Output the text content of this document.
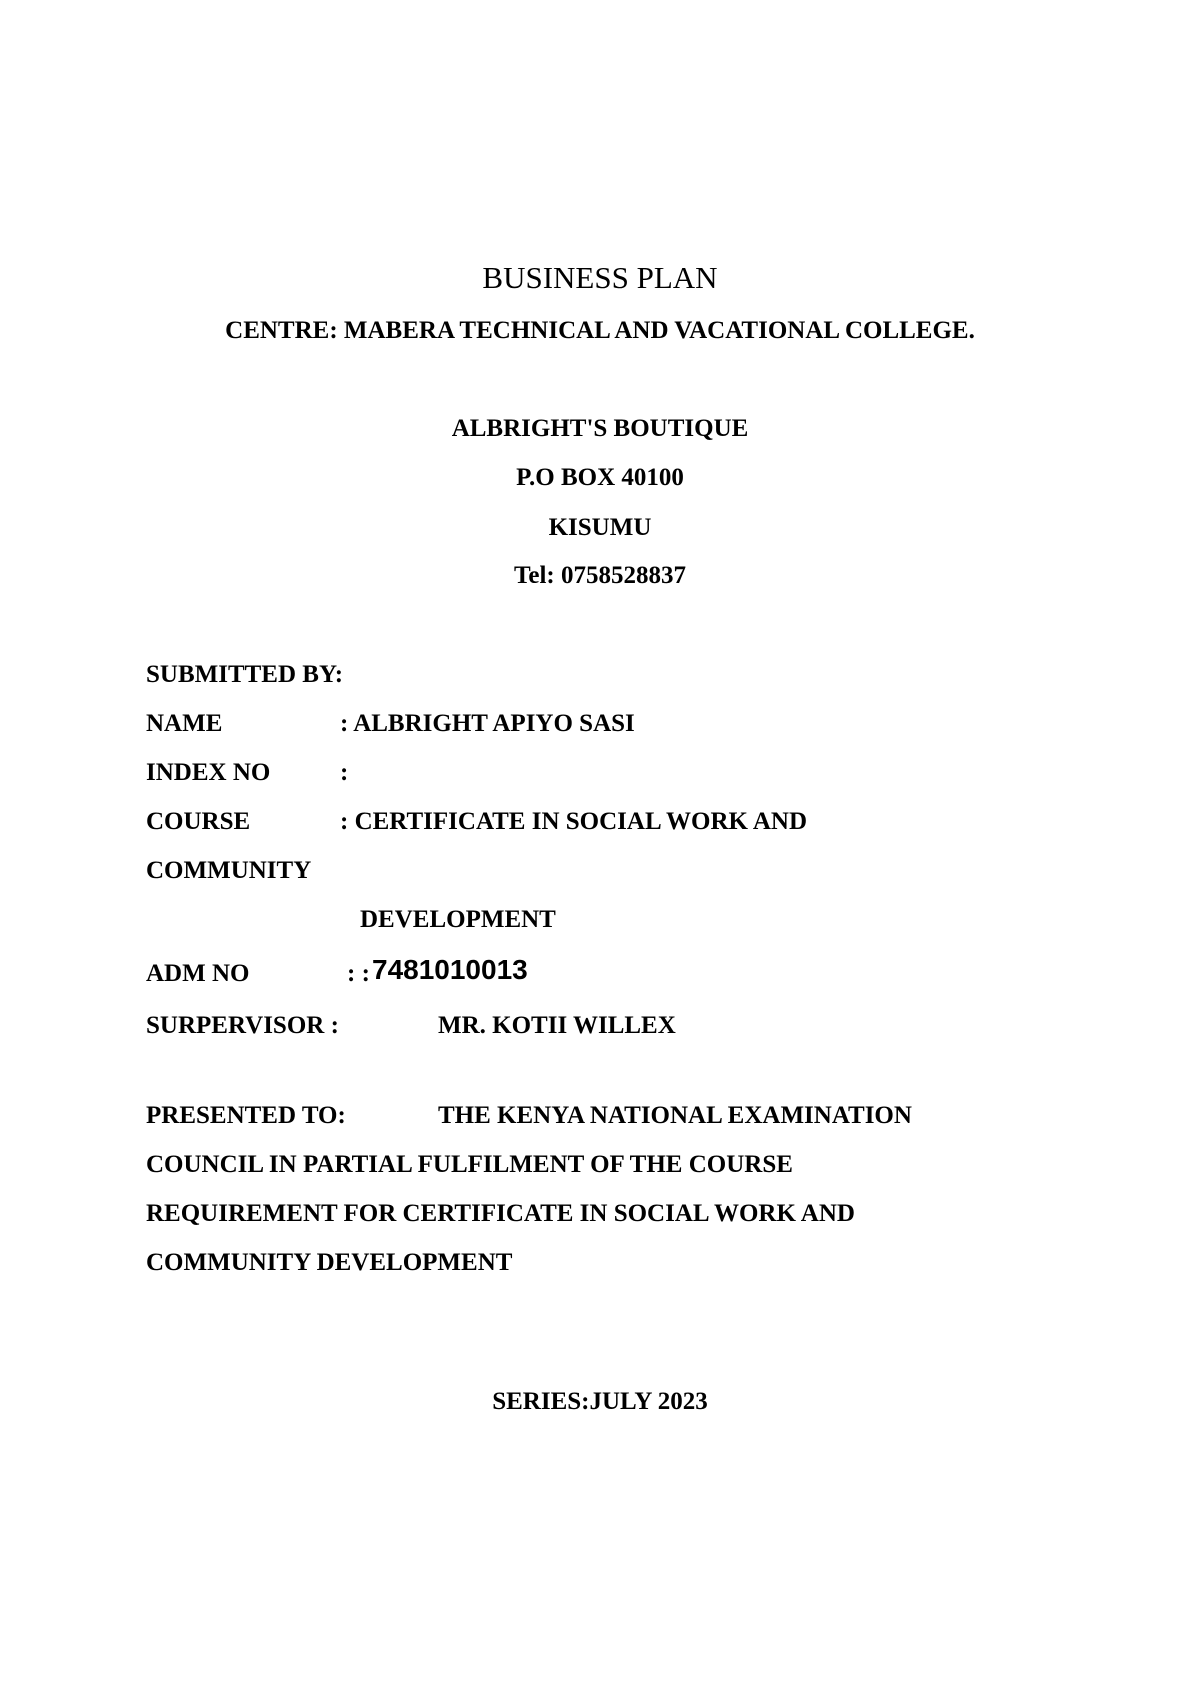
BUSINESS PLAN
CENTRE: MABERA TECHNICAL AND VACATIONAL COLLEGE.
ALBRIGHT'S BOUTIQUE
P.O BOX 40100
KISUMU
Tel: 0758528837
SUBMITTED BY:
NAME	: ALBRIGHT APIYO SASI
INDEX NO	:
COURSE	: CERTIFICATE IN SOCIAL WORK AND
COMMUNITY
DEVELOPMENT
ADM NO	: : 7481010013
SURPERVISOR :	MR. KOTII WILLEX
PRESENTED TO:	THE KENYA NATIONAL EXAMINATION
COUNCIL IN PARTIAL FULFILMENT OF THE COURSE
REQUIREMENT FOR CERTIFICATE IN SOCIAL WORK AND
COMMUNITY DEVELOPMENT
SERIES:JULY 2023
